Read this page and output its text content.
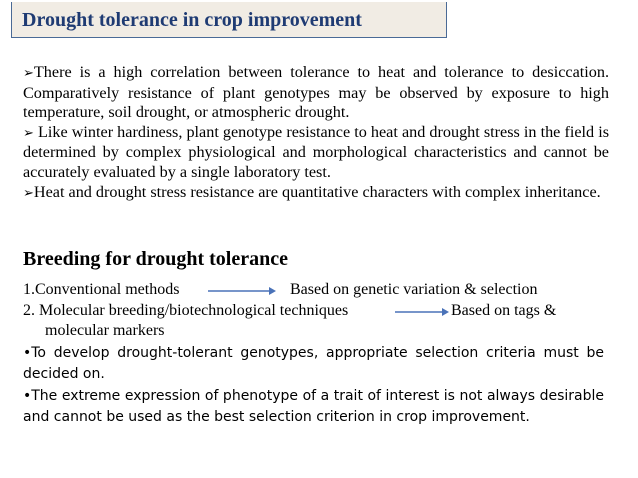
Drought tolerance in crop improvement

➢There is a high correlation between tolerance to heat and tolerance to desiccation. Comparatively resistance of plant genotypes may be observed by exposure to high temperature, soil drought, or atmospheric drought.

➢ Like winter hardiness, plant genotype resistance to heat and drought stress in the field is determined by complex physiological and morphological characteristics and cannot be accurately evaluated by a single laboratory test.

➢Heat and drought stress resistance are quantitative characters with complex inheritance.

Breeding for drought tolerance
1.Conventional methods	Based on genetic variation & selection
2. Molecular breeding/biotechnological techniques	Based on tags &
molecular markers
•To develop drought-tolerant genotypes, appropriate selection criteria must be decided on.
•The extreme expression of phenotype of a trait of interest is not always desirable and cannot be used as the best selection criterion in crop improvement.
